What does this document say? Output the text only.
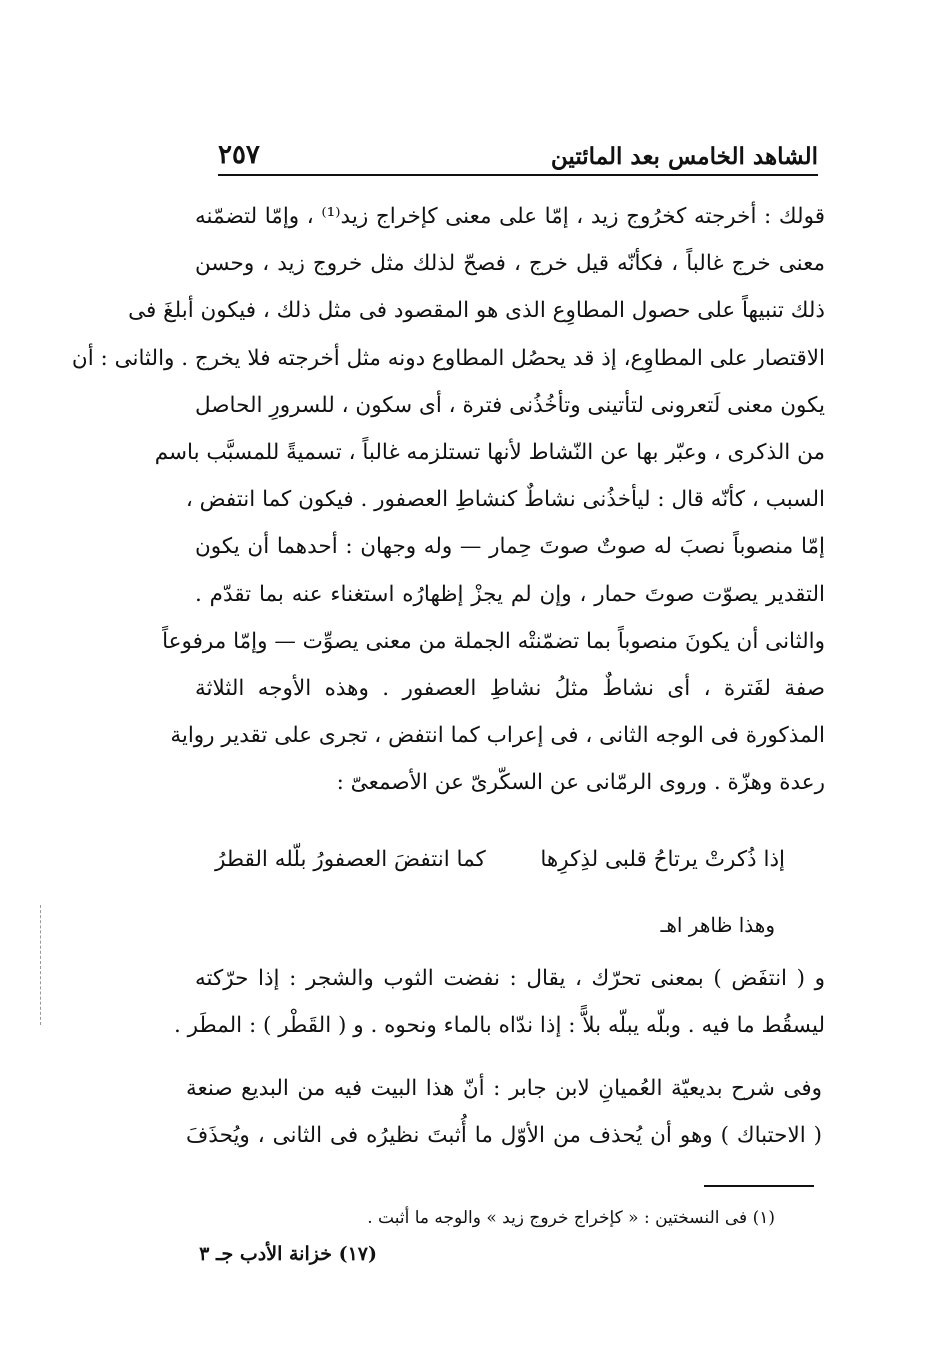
الشاهد الخامس بعد المائتين
٢٥٧
قولك : أخرجته كخرُوج زيد ، إمّا على معنى كإخراج زيد⁽¹⁾ ، وإمّا لتضمّنه
معنى خرج غالباً ، فكأنّه قيل خرج ، فصحّ لذلك مثل خروج زيد ، وحسن
ذلك تنبيهاً على حصول المطاوِع الذى هو المقصود فى مثل ذلك ، فيكون أبلغَ فى
الاقتصار على المطاوِع، إذ قد يحصُل المطاوع دونه مثل أخرجته فلا يخرج . والثانى : أن
يكون معنى لَتعرونى لتأتينى وتأخُذُنى فترة ، أى سكون ، للسرورِ الحاصل
من الذكرى ، وعبّر بها عن النّشاط لأنها تستلزمه غالباً ، تسميةً للمسبَّب باسم
السبب ، كأنّه قال : ليأخذُنى نشاطٌ كنشاطِ العصفور . فيكون كما انتفض ،
إمّا منصوباً نصبَ له صوتٌ صوتَ حِمار — وله وجهان : أحدهما أن يكون
التقدير يصوّت صوتَ حمار ، وإن لم يجزْ إظهارُه استغناء عنه بما تقدّم .
والثانى أن يكونَ منصوباً بما تضمّنتْه الجملة من معنى يصوِّت — وإمّا مرفوعاً
صفة لفَترة ، أى نشاطٌ مثلُ نشاطِ العصفور . وهذه الأوجه الثلاثة
المذكورة فى الوجه الثانى ، فى إعراب كما انتفض ، تجرى على تقدير رواية
رعدة وهزّة . وروى الرمّانى عن السكّرىّ عن الأصمعىّ :
إذا ذُكرتْ يرتاحُ قلبى لذِكرِها
كما انتفضَ العصفورُ بلّله القطرُ
وهذا ظاهر اهـ
و ( انتفَض ) بمعنى تحرّك ، يقال : نفضت الثوب والشجر : إذا حرّكته
ليسقُط ما فيه . وبلّه يبلّه بلاًّ : إذا ندّاه بالماء ونحوه . و ( القَطْر ) : المطَر .
وفى شرح بديعيّة العُميانِ لابن جابر : أنّ هذا البيت فيه من البديع صنعة
( الاحتباك ) وهو أن يُحذف من الأوّل ما أُثبتَ نظيرُه فى الثانى ، ويُحذَفَ
(١) فى النسختين : « كإخراج خروج زيد » والوجه ما أثبت .
(١٧) خزانة الأدب جـ ٣
